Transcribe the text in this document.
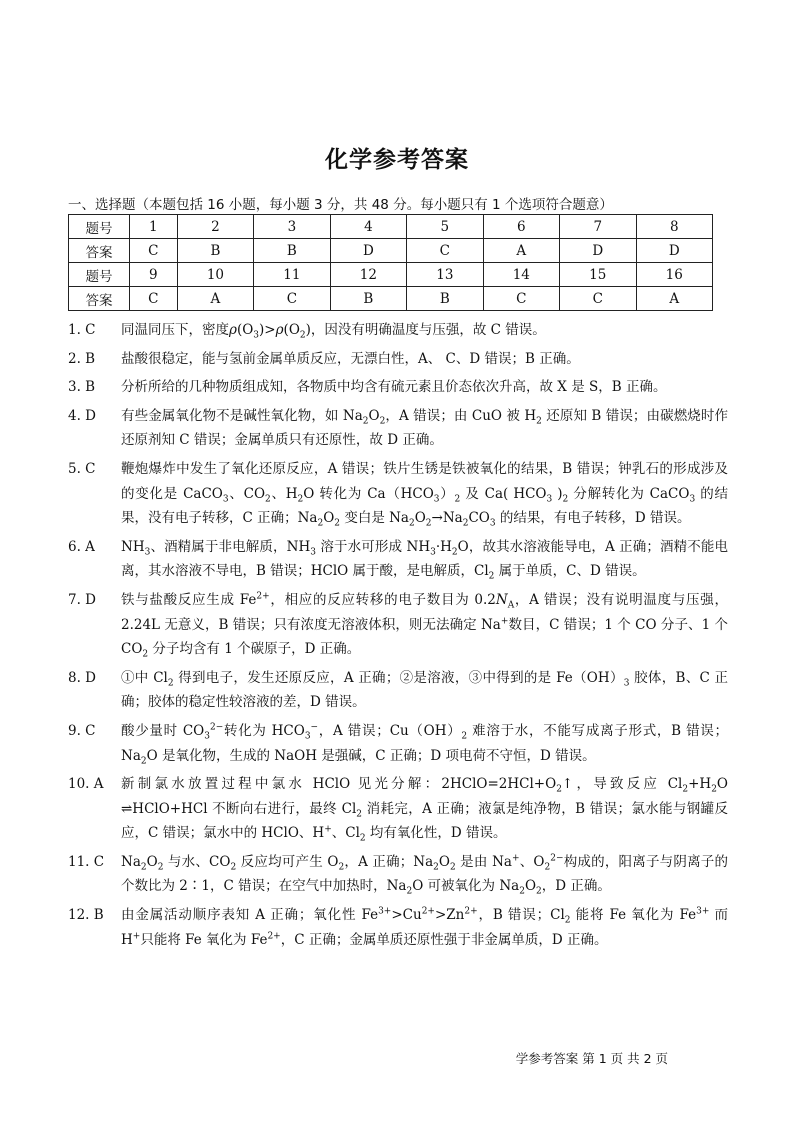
化学参考答案
一、选择题（本题包括 16 小题，每小题 3 分，共 48 分。每小题只有 1 个选项符合题意）
题号	1	2	3	4	5	6	7	8
答案	C	B	B	D	C	A	D	D
题号	9	10	11	12	13	14	15	16
答案	C	A	C	B	B	C	C	A
1. C	同温同压下，密度$\rho(O_3)>\rho(O_2)$，因没有明确温度与压强，故 C 错误。
2. B	盐酸很稳定，能与氢前金属单质反应，无漂白性，A、 C、D 错误；B 正确。
3. B	分析所给的几种物质组成知，各物质中均含有硫元素且价态依次升高，故 X 是 S，B 正确。
4. D	有些金属氧化物不是碱性氧化物，如 $Na_2O_2$，A 错误；由 CuO 被 $H_2$ 还原知 B 错误；由碳燃烧时作还原剂知 C 错误；金属单质只有还原性，故 D 正确。
5. C	鞭炮爆炸中发生了氧化还原反应，A 错误；铁片生锈是铁被氧化的结果，B 错误；钟乳石的形成涉及的变化是 CaCO$_3$、$CO_2$、$H_2O$ 转化为 $Ca(HCO_3)_2$ 及 Ca( $HCO_3$ )$_2$ 分解转化为 CaCO$_3$ 的结果，没有电子转移，C 正确；$Na_2O_2$ 变白是 $Na_2O_2\to Na_2CO_3$ 的结果，有电子转移，D 错误。
6. A	$NH_3$、酒精属于非电解质，$NH_3$ 溶于水可形成 $NH_3\cdot H_2O$，故其水溶液能导电，A 正确；酒精不能电离，其水溶液不导电，B 错误；HClO 属于酸，是电解质，$Cl_2$ 属于单质，C、D 错误。
7. D	铁与盐酸反应生成 $Fe^{2+}$，相应的反应转移的电子数目为 $0.2N_A$，A 错误；没有说明温度与压强，2.24L 无意义，B 错误；只有浓度无溶液体积，则无法确定 Na+数目，C 错误；1 个 CO 分子、1 个 $CO_2$ 分子均含有 1 个碳原子，D 正确。
8. D	①中 $Cl_2$ 得到电子，发生还原反应，A 正确；②是溶液，③中得到的是 $Fe(OH)_3$ 胶体，B、C 正确；胶体的稳定性较溶液的差，D 错误。
9. C	酸少量时 $CO_3^{2-}$转化为 $HCO_3^-$，A 错误；$Cu(OH)_2$ 难溶于水，不能写成离子形式，B 错误；$Na_2O$ 是氧化物，生成的 NaOH 是强碱，C 正确；D 项电荷不守恒，D 错误。
10. A	新制氯水放置过程中氯水 HClO 见光分解：$2HClO=2HCl+O_2↑$，导致反应 $Cl_2+H_2O$ ⇌HClO+HCl 不断向右进行，最终 $Cl_2$ 消耗完，A 正确；液氯是纯净物，B 错误；氯水能与钢罐反应，C 错误；氯水中的 HClO、H+、$Cl_2$ 均有氧化性，D 错误。
11. C	$Na_2O_2$ 与水、$CO_2$ 反应均可产生 $O_2$，A 正确；$Na_2O_2$ 是由 Na+、$O_2^{2-}$构成的，阳离子与阴离子的个数比为 2∶1，C 错误；在空气中加热时，$Na_2O$ 可被氧化为 $Na_2O_2$，D 正确。
12. B	由金属活动顺序表知 A 正确；氧化性 $Fe^{3+}>Cu^{2+}>Zn^{2+}$，B 错误；$Cl_2$ 能将 Fe 氧化为 $Fe^{3+}$ 而 H+只能将 Fe 氧化为 $Fe^{2+}$，C 正确；金属单质还原性强于非金属单质，D 正确。
学参考答案 第 1 页 共 2 页
